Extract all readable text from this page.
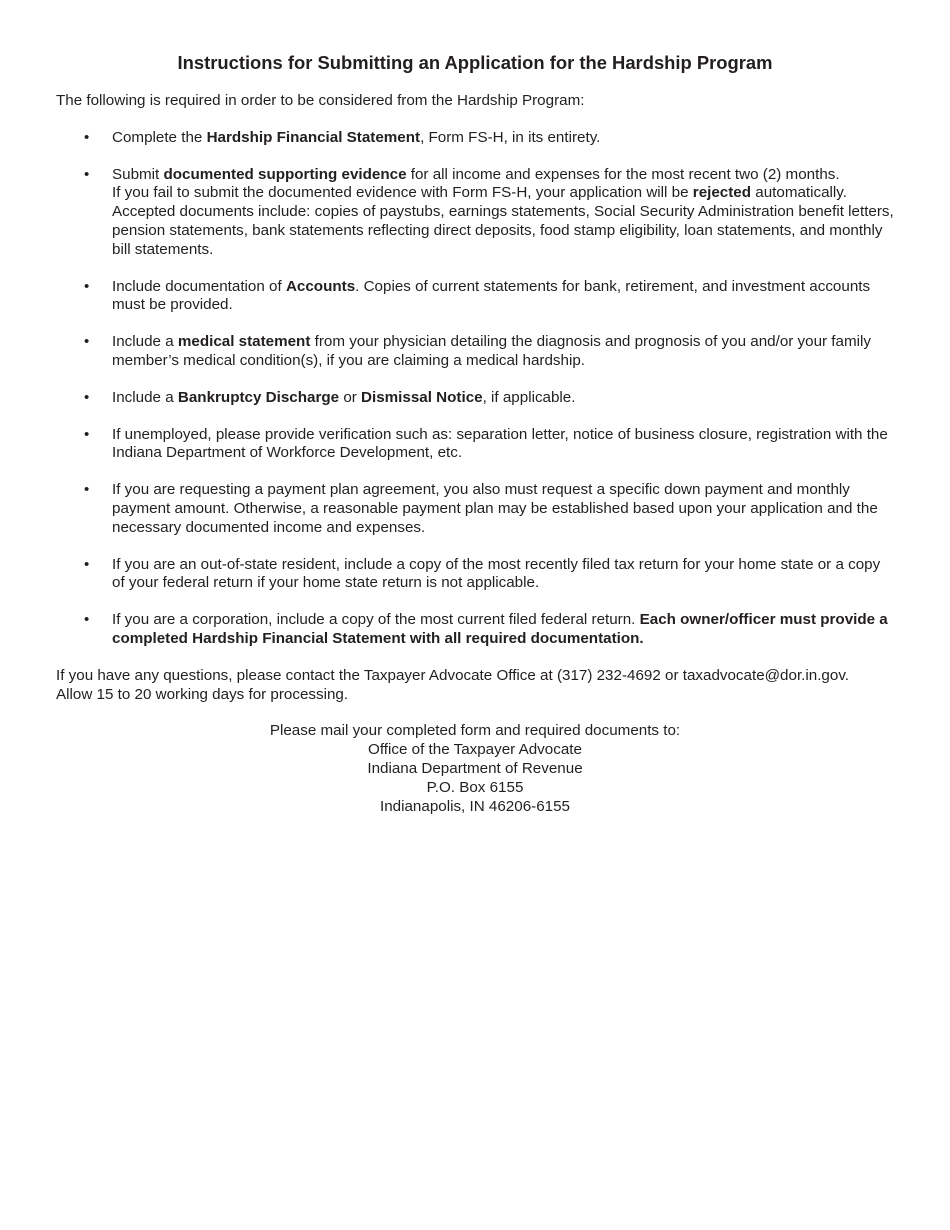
Instructions for Submitting an Application for the Hardship Program
The following is required in order to be considered from the Hardship Program:
• Complete the Hardship Financial Statement, Form FS-H, in its entirety.
• Submit documented supporting evidence for all income and expenses for the most recent two (2) months.
If you fail to submit the documented evidence with Form FS-H, your application will be rejected automatically. Accepted documents include: copies of paystubs, earnings statements, Social Security Administration benefit letters, pension statements, bank statements reflecting direct deposits, food stamp eligibility, loan statements, and monthly bill statements.
• Include documentation of Accounts. Copies of current statements for bank, retirement, and investment accounts must be provided.
• Include a medical statement from your physician detailing the diagnosis and prognosis of you and/or your family member’s medical condition(s), if you are claiming a medical hardship.
• Include a Bankruptcy Discharge or Dismissal Notice, if applicable.
• If unemployed, please provide verification such as: separation letter, notice of business closure, registration with the Indiana Department of Workforce Development, etc.
• If you are requesting a payment plan agreement, you also must request a specific down payment and monthly payment amount. Otherwise, a reasonable payment plan may be established based upon your application and the necessary documented income and expenses.
• If you are an out-of-state resident, include a copy of the most recently filed tax return for your home state or a copy of your federal return if your home state return is not applicable.
• If you are a corporation, include a copy of the most current filed federal return. Each owner/officer must provide a completed Hardship Financial Statement with all required documentation.
If you have any questions, please contact the Taxpayer Advocate Office at (317) 232-4692 or taxadvocate@dor.in.gov.
Allow 15 to 20 working days for processing.
Please mail your completed form and required documents to:
Office of the Taxpayer Advocate
Indiana Department of Revenue
P.O. Box 6155
Indianapolis, IN 46206-6155
